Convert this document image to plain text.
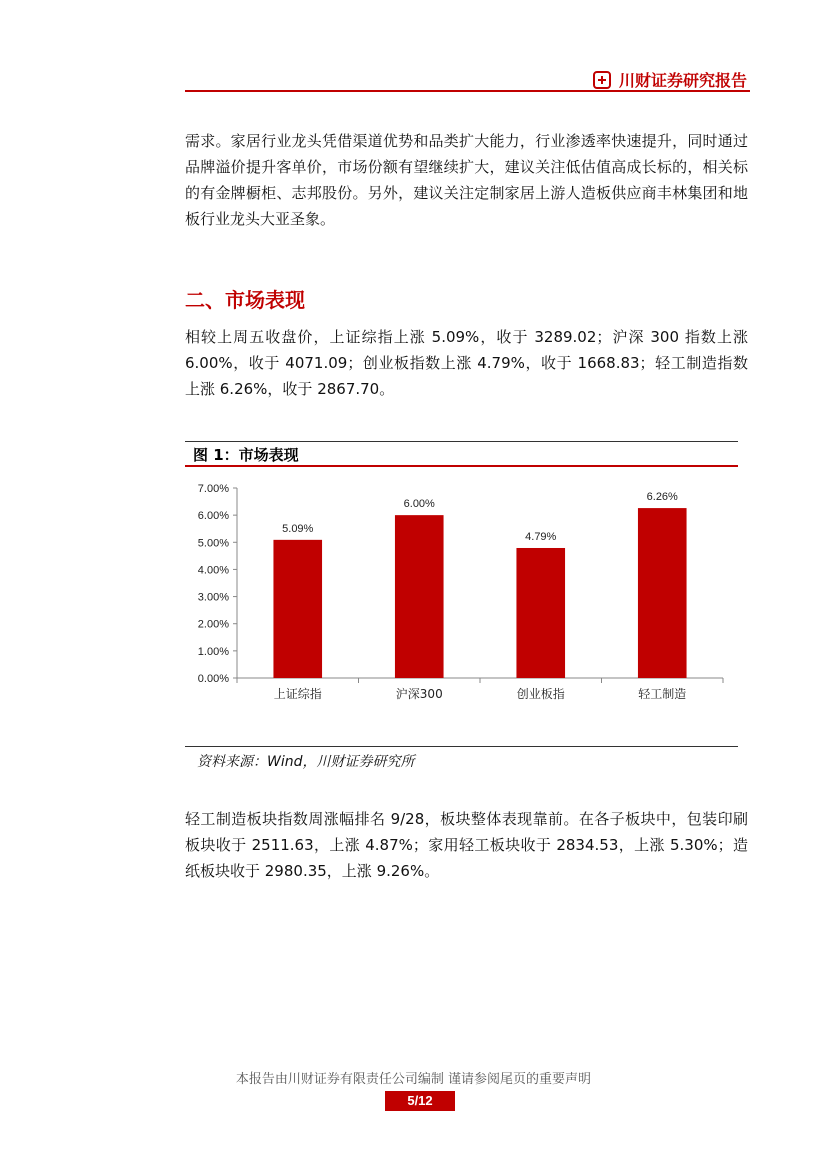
川财证券研究报告
需求。家居行业龙头凭借渠道优势和品类扩大能力，行业渗透率快速提升，同时通过品牌溢价提升客单价，市场份额有望继续扩大，建议关注低估值高成长标的，相关标的有金牌橱柜、志邦股份。另外，建议关注定制家居上游人造板供应商丰林集团和地板行业龙头大亚圣象。
二、市场表现
相较上周五收盘价，上证综指上涨 5.09%，收于 3289.02；沪深 300 指数上涨 6.00%，收于 4071.09；创业板指数上涨 4.79%，收于 1668.83；轻工制造指数上涨 6.26%，收于 2867.70。
图 1：市场表现
0.00%
1.00%
2.00%
3.00%
4.00%
5.00%
6.00%
7.00%
5.09%
上证综指
6.00%
沪深300
4.79%
创业板指
6.26%
轻工制造
资料来源：Wind，川财证券研究所
轻工制造板块指数周涨幅排名 9/28，板块整体表现靠前。在各子板块中，包装印刷板块收于 2511.63，上涨 4.87%；家用轻工板块收于 2834.53，上涨 5.30%；造纸板块收于 2980.35，上涨 9.26%。
本报告由川财证券有限责任公司编制 谨请参阅尾页的重要声明
5/12
